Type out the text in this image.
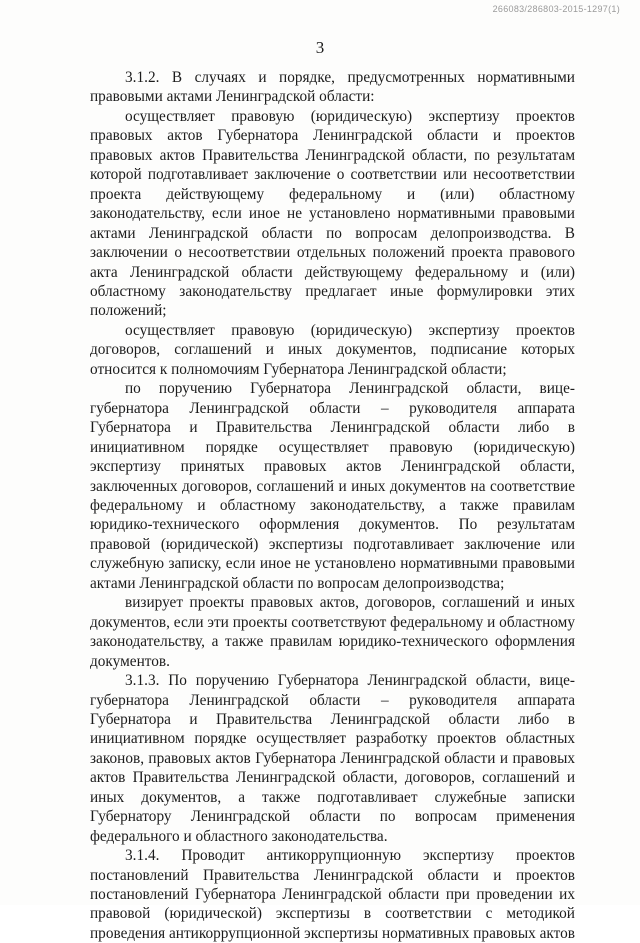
266083/286803-2015-1297(1)
3

3.1.2. В случаях и порядке, предусмотренных нормативными правовыми актами Ленинградской области:

осуществляет правовую (юридическую) экспертизу проектов правовых актов Губернатора Ленинградской области и проектов правовых актов Правительства Ленинградской области, по результатам которой подготавливает заключение о соответствии или несоответствии проекта действующему федеральному и (или) областному законодательству, если иное не установлено нормативными правовыми актами Ленинградской области по вопросам делопроизводства. В заключении о несоответствии отдельных положений проекта правового акта Ленинградской области действующему федеральному и (или) областному законодательству предлагает иные формулировки этих положений;

осуществляет правовую (юридическую) экспертизу проектов договоров, соглашений и иных документов, подписание которых относится к полномочиям Губернатора Ленинградской области;

по поручению Губернатора Ленинградской области, вице-губернатора Ленинградской области – руководителя аппарата Губернатора и Правительства Ленинградской области либо в инициативном порядке осуществляет правовую (юридическую) экспертизу принятых правовых актов Ленинградской области, заключенных договоров, соглашений и иных документов на соответствие федеральному и областному законодательству, а также правилам юридико-технического оформления документов. По результатам правовой (юридической) экспертизы подготавливает заключение или служебную записку, если иное не установлено нормативными правовыми актами Ленинградской области по вопросам делопроизводства;

визирует проекты правовых актов, договоров, соглашений и иных документов, если эти проекты соответствуют федеральному и областному законодательству, а также правилам юридико-технического оформления документов.

3.1.3. По поручению Губернатора Ленинградской области, вице-губернатора Ленинградской области – руководителя аппарата Губернатора и Правительства Ленинградской области либо в инициативном порядке осуществляет разработку проектов областных законов, правовых актов Губернатора Ленинградской области и правовых актов Правительства Ленинградской области, договоров, соглашений и иных документов, а также подготавливает служебные записки Губернатору Ленинградской области по вопросам применения федерального и областного законодательства.

3.1.4. Проводит антикоррупционную экспертизу проектов постановлений Правительства Ленинградской области и проектов постановлений Губернатора Ленинградской области при проведении их правовой (юридической) экспертизы в соответствии с методикой проведения антикоррупционной экспертизы нормативных правовых актов
